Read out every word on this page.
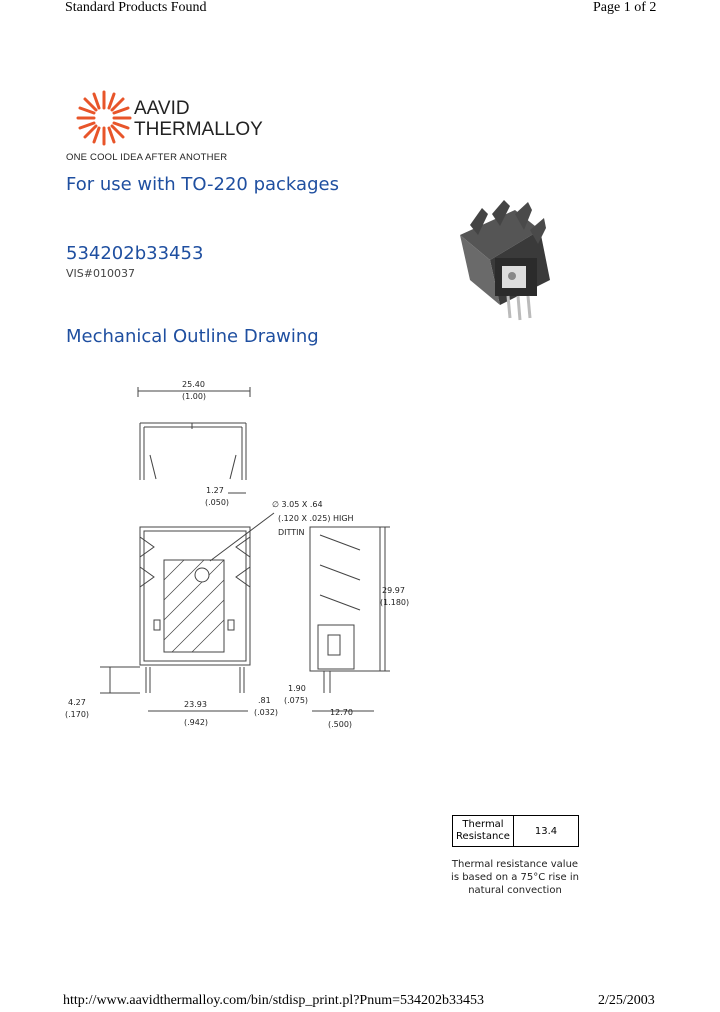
Standard Products Found	Page 1 of 2
AAVID
THERMALLOY
ONE COOL IDEA AFTER ANOTHER
For use with TO-220 packages
534202b33453
VIS#010037
Mechanical Outline Drawing
25.40
(1.00)
1.27
(.050)	∅ 3.05 X .64
(.120 X .025) HIGH
DITTIN
29.97
(1.180)
4.27
(.170)
23.93
(.942)
.81
(.032)
1.90
(.075)
12.70
(.500)
Thermal
Resistance	13.4
Thermal resistance value
is based on a 75°C rise in
natural convection
http://www.aavidthermalloy.com/bin/stdisp_print.pl?Pnum=534202b33453	2/25/2003
